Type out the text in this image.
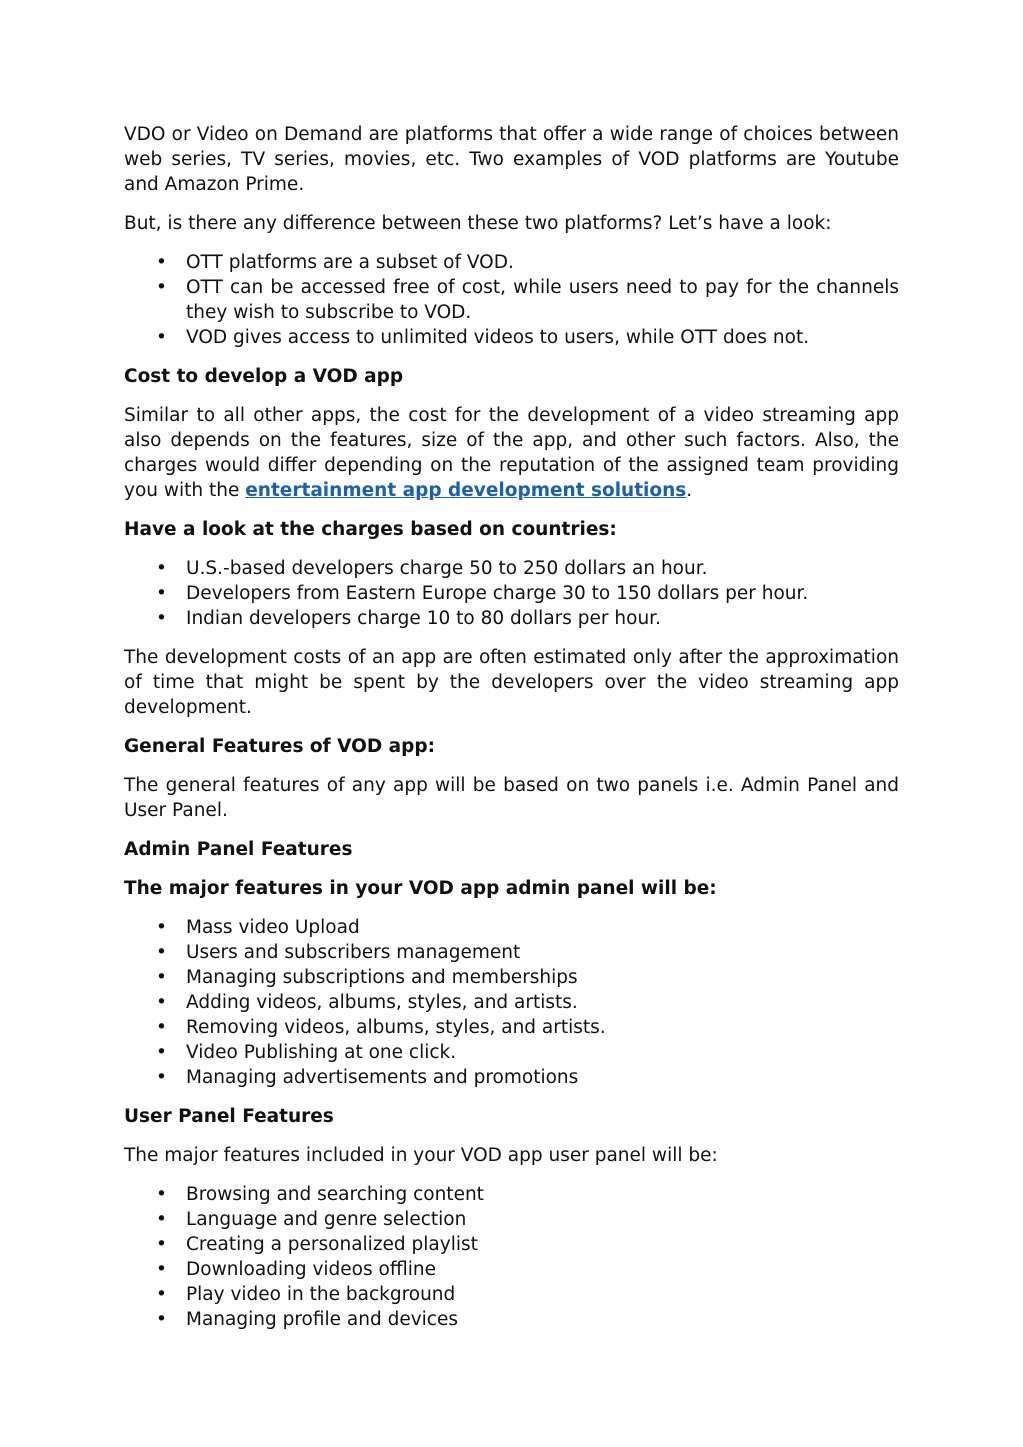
VDO or Video on Demand are platforms that offer a wide range of choices between web series, TV series, movies, etc. Two examples of VOD platforms are Youtube and Amazon Prime.

But, is there any difference between these two platforms? Let’s have a look:

• OTT platforms are a subset of VOD.
• OTT can be accessed free of cost, while users need to pay for the channels they wish to subscribe to VOD.
• VOD gives access to unlimited videos to users, while OTT does not.
Cost to develop a VOD app

Similar to all other apps, the cost for the development of a video streaming app also depends on the features, size of the app, and other such factors. Also, the charges would differ depending on the reputation of the assigned team providing you with the entertainment app development solutions.

Have a look at the charges based on countries:
• U.S.-based developers charge 50 to 250 dollars an hour.
• Developers from Eastern Europe charge 30 to 150 dollars per hour.
• Indian developers charge 10 to 80 dollars per hour.

The development costs of an app are often estimated only after the approximation of time that might be spent by the developers over the video streaming app development.

General Features of VOD app:

The general features of any app will be based on two panels i.e. Admin Panel and User Panel.

Admin Panel Features
The major features in your VOD app admin panel will be:
• Mass video Upload
• Users and subscribers management
• Managing subscriptions and memberships
• Adding videos, albums, styles, and artists.
• Removing videos, albums, styles, and artists.
• Video Publishing at one click.
• Managing advertisements and promotions
User Panel Features

The major features included in your VOD app user panel will be:

• Browsing and searching content
• Language and genre selection
• Creating a personalized playlist
• Downloading videos offline
• Play video in the background
• Managing profile and devices
